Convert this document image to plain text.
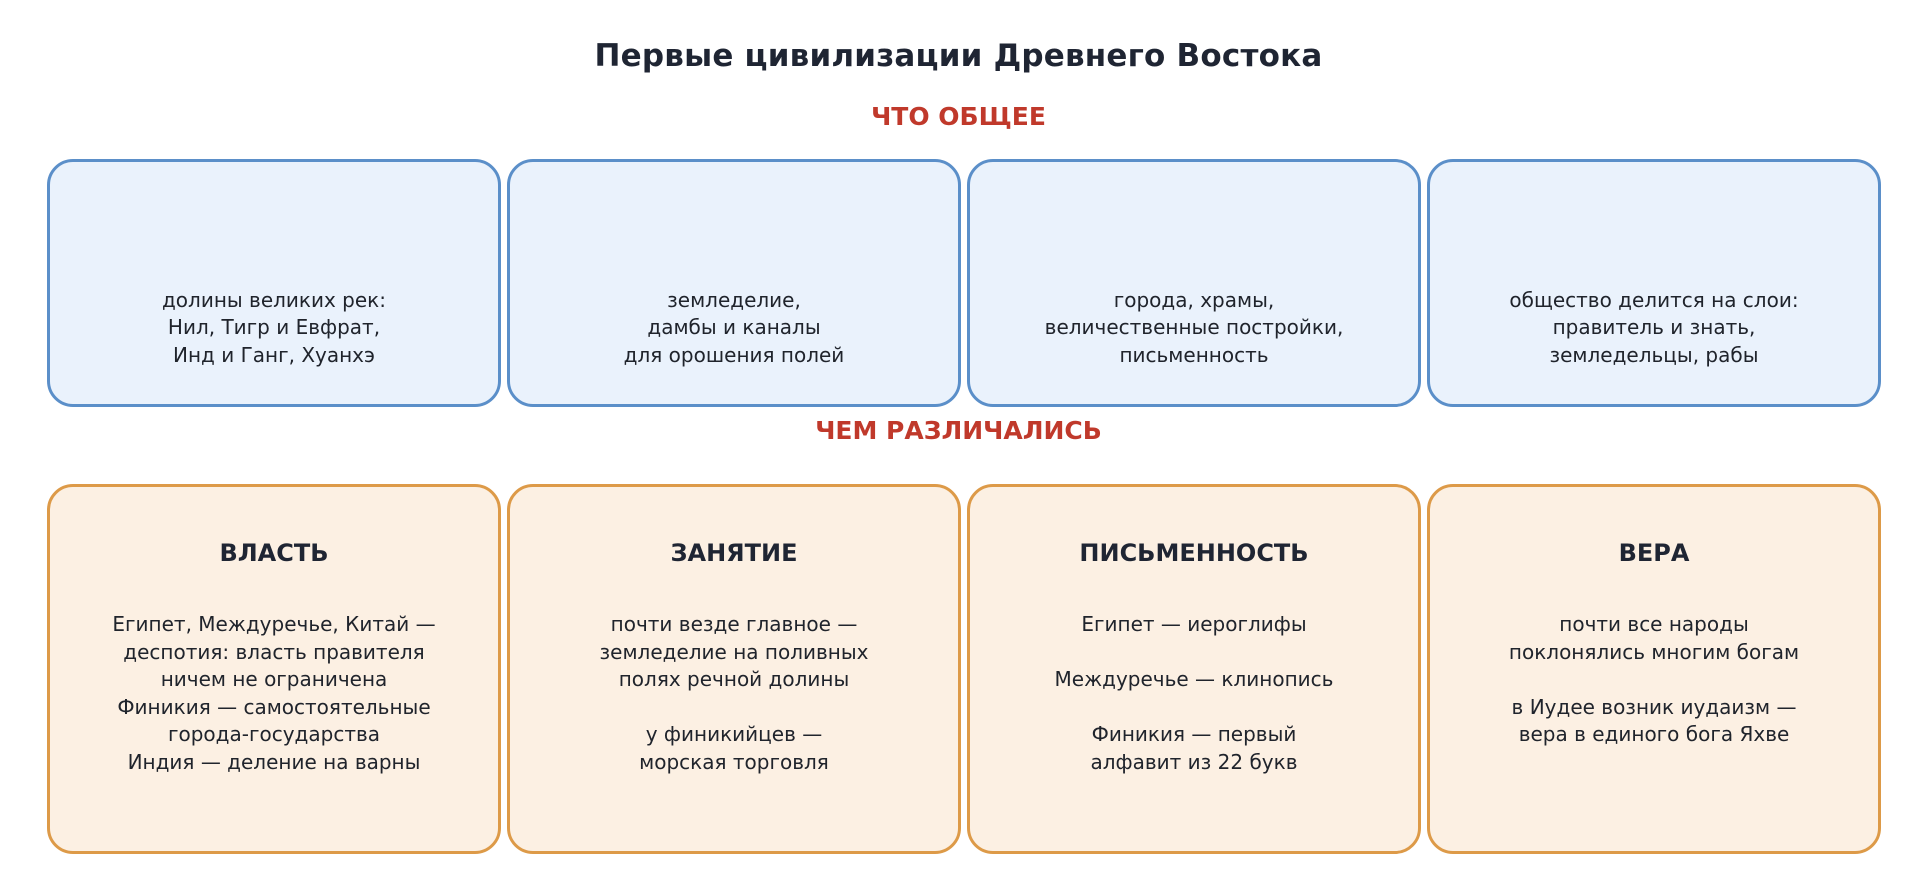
Первые цивилизации Древнего Востока
ЧТО ОБЩЕЕ
долины великих рек:
Нил, Тигр и Евфрат,
Инд и Ганг, Хуанхэ
земледелие,
дамбы и каналы
для орошения полей
города, храмы,
величественные постройки,
письменность
общество делится на слои:
правитель и знать,
земледельцы, рабы
ЧЕМ РАЗЛИЧАЛИСЬ
ВЛАСТЬ
Египет, Междуречье, Китай —
деспотия: власть правителя
ничем не ограничена
Финикия — самостоятельные
города-государства
Индия — деление на варны
ЗАНЯТИЕ
почти везде главное —
земледелие на поливных
полях речной долины

у финикийцев —
морская торговля
ПИСЬМЕННОСТЬ
Египет — иероглифы

Междуречье — клинопись

Финикия — первый
алфавит из 22 букв
ВЕРА
почти все народы
поклонялись многим богам

в Иудее возник иудаизм —
вера в единого бога Яхве
